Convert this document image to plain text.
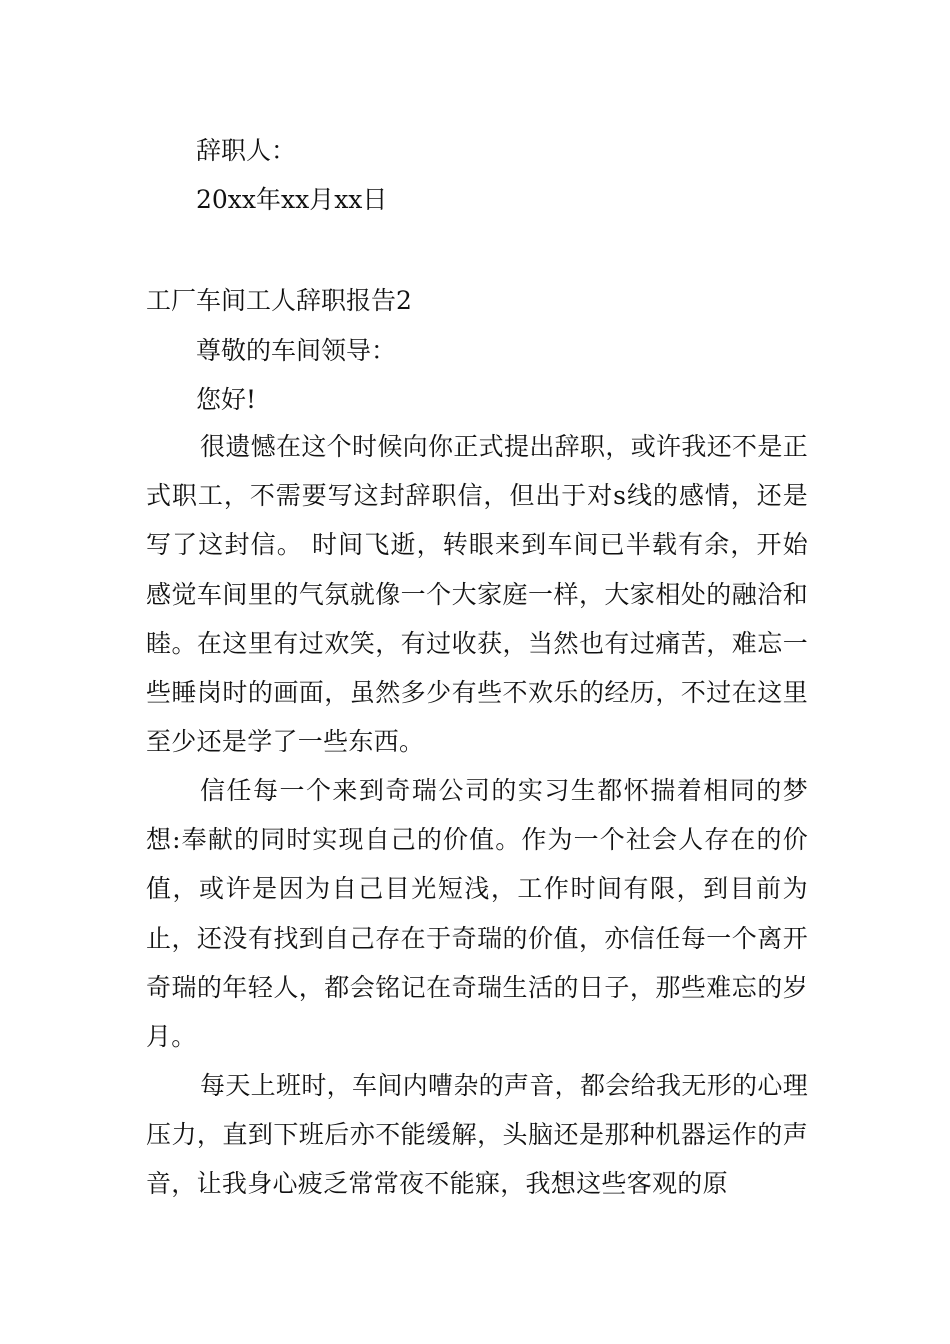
辞职人：
20xx年xx月xx日
工厂车间工人辞职报告2
尊敬的车间领导：
您好!

很遗憾在这个时候向你正式提出辞职，或许我还不是正式职工，不需要写这封辞职信，但出于对s线的感情，还是写了这封信。 时间飞逝，转眼来到车间已半载有余，开始感觉车间里的气氛就像一个大家庭一样，大家相处的融洽和睦。在这里有过欢笑，有过收获，当然也有过痛苦，难忘一些睡岗时的画面，虽然多少有些不欢乐的经历，不过在这里至少还是学了一些东西。

信任每一个来到奇瑞公司的实习生都怀揣着相同的梦想:奉献的同时实现自己的价值。作为一个社会人存在的价值，或许是因为自己目光短浅，工作时间有限，到目前为止，还没有找到自己存在于奇瑞的价值，亦信任每一个离开奇瑞的年轻人，都会铭记在奇瑞生活的日子，那些难忘的岁月。

每天上班时，车间内嘈杂的声音，都会给我无形的心理压力，直到下班后亦不能缓解，头脑还是那种机器运作的声音，让我身心疲乏常常夜不能寐，我想这些客观的原
